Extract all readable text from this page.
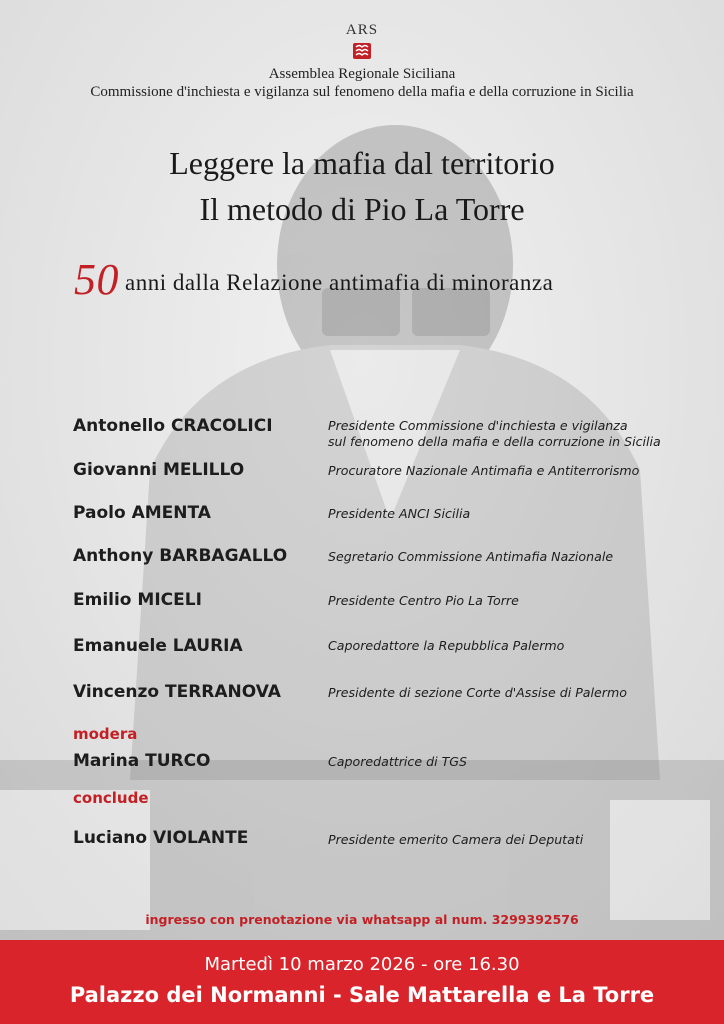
ARS
Assemblea Regionale Siciliana
Commissione d'inchiesta e vigilanza sul fenomeno della mafia e della corruzione in Sicilia
Leggere la mafia dal territorio
Il metodo di Pio La Torre
50 anni dalla Relazione antimafia di minoranza
Antonello CRACOLICI	Presidente Commissione d'inchiesta e vigilanza
sul fenomeno della mafia e della corruzione in Sicilia
Giovanni MELILLO	Procuratore Nazionale Antimafia e Antiterrorismo
Paolo AMENTA	Presidente ANCI Sicilia
Anthony BARBAGALLO	Segretario Commissione Antimafia Nazionale
Emilio MICELI	Presidente Centro Pio La Torre
Emanuele LAURIA	Caporedattore la Repubblica Palermo
Vincenzo TERRANOVA	Presidente di sezione Corte d'Assise di Palermo
modera
Marina TURCO	Caporedattrice di TGS
conclude
Luciano VIOLANTE	Presidente emerito Camera dei Deputati
ingresso con prenotazione via whatsapp al num. 3299392576
Martedì 10 marzo 2026 - ore 16.30
Palazzo dei Normanni - Sale Mattarella e La Torre
